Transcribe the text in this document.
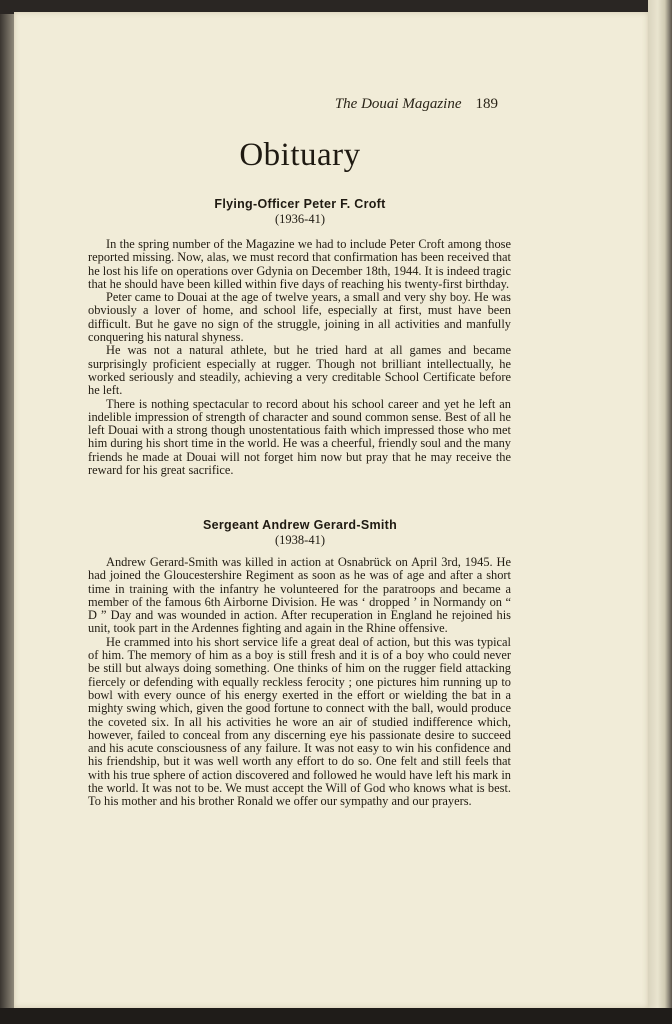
The Douai Magazine 189
Obituary
Flying-Officer Peter F. Croft
(1936-41)

In the spring number of the Magazine we had to include Peter Croft among those reported missing. Now, alas, we must record that confirmation has been received that he lost his life on operations over Gdynia on December 18th, 1944. It is indeed tragic that he should have been killed within five days of reaching his twenty-first birthday.

Peter came to Douai at the age of twelve years, a small and very shy boy. He was obviously a lover of home, and school life, especially at first, must have been difficult. But he gave no sign of the struggle, joining in all activities and manfully conquering his natural shyness.

He was not a natural athlete, but he tried hard at all games and became surprisingly proficient especially at rugger. Though not brilliant intellectually, he worked seriously and steadily, achieving a very creditable School Certificate before he left.

There is nothing spectacular to record about his school career and yet he left an indelible impression of strength of character and sound common sense. Best of all he left Douai with a strong though unostentatious faith which impressed those who met him during his short time in the world. He was a cheerful, friendly soul and the many friends he made at Douai will not forget him now but pray that he may receive the reward for his great sacrifice.

Sergeant Andrew Gerard-Smith
(1938-41)

Andrew Gerard-Smith was killed in action at Osnabrück on April 3rd, 1945. He had joined the Gloucestershire Regiment as soon as he was of age and after a short time in training with the infantry he volunteered for the paratroops and became a member of the famous 6th Airborne Division. He was ‘ dropped ’ in Normandy on “ D ” Day and was wounded in action. After recuperation in England he rejoined his unit, took part in the Ardennes fighting and again in the Rhine offensive.

He crammed into his short service life a great deal of action, but this was typical of him. The memory of him as a boy is still fresh and it is of a boy who could never be still but always doing something. One thinks of him on the rugger field attacking fiercely or defending with equally reckless ferocity ; one pictures him running up to bowl with every ounce of his energy exerted in the effort or wielding the bat in a mighty swing which, given the good fortune to connect with the ball, would produce the coveted six. In all his activities he wore an air of studied indifference which, however, failed to conceal from any discerning eye his passionate desire to succeed and his acute consciousness of any failure. It was not easy to win his confidence and his friendship, but it was well worth any effort to do so. One felt and still feels that with his true sphere of action discovered and followed he would have left his mark in the world. It was not to be. We must accept the Will of God who knows what is best. To his mother and his brother Ronald we offer our sympathy and our prayers.
